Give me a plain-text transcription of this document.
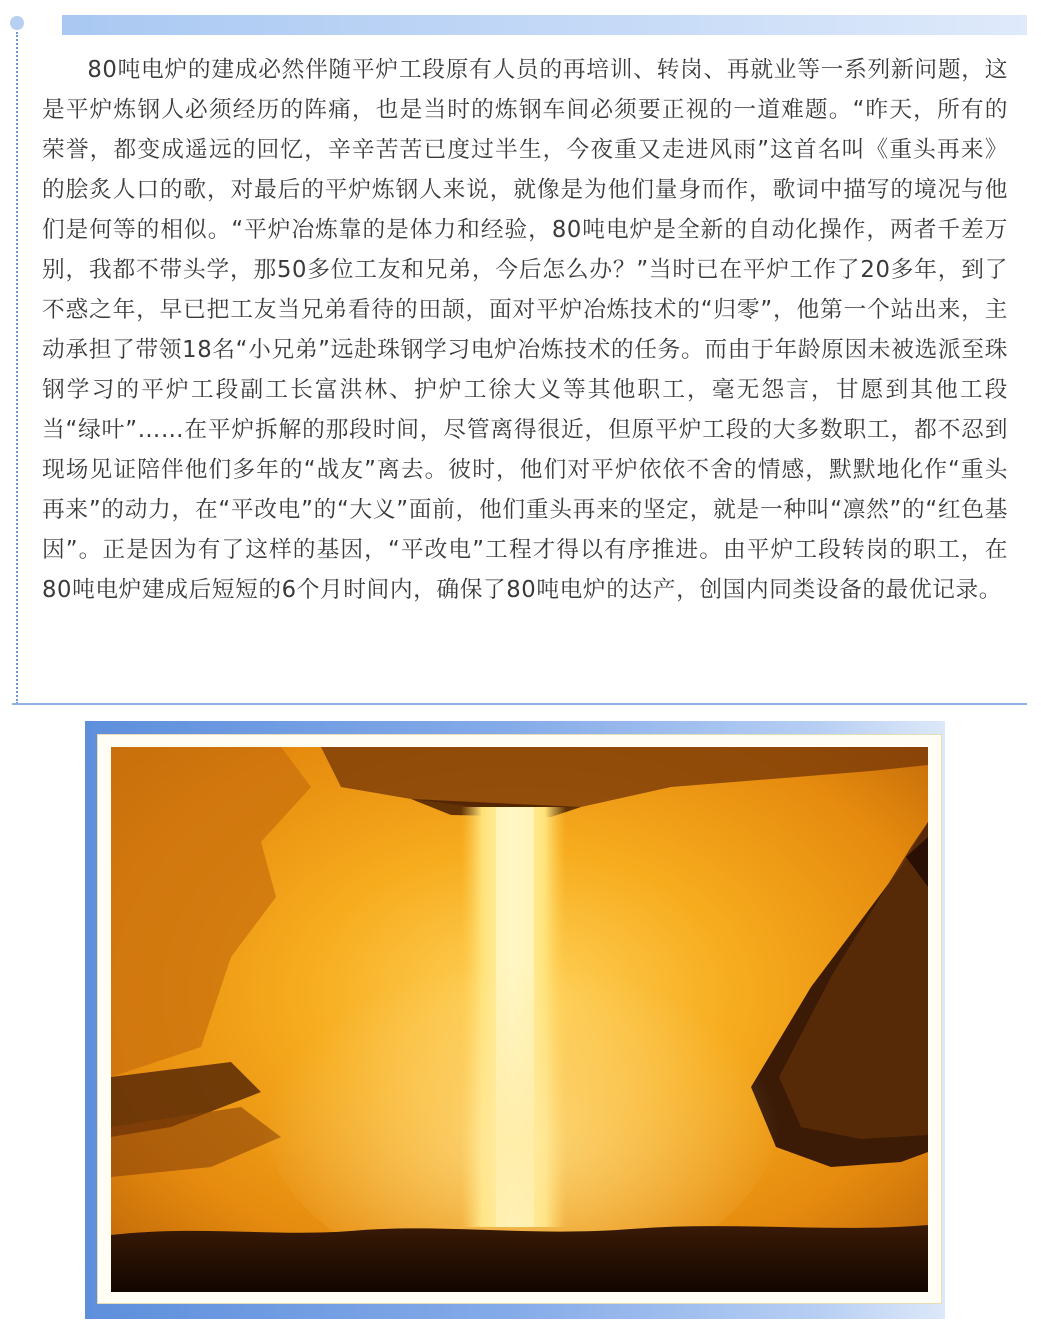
80吨电炉的建成必然伴随平炉工段原有人员的再培训、转岗、再就业等一系列新问题，这是平炉炼钢人必须经历的阵痛，也是当时的炼钢车间必须要正视的一道难题。“昨天，所有的荣誉，都变成遥远的回忆，辛辛苦苦已度过半生，今夜重又走进风雨”这首名叫《重头再来》的脍炙人口的歌，对最后的平炉炼钢人来说，就像是为他们量身而作，歌词中描写的境况与他们是何等的相似。“平炉冶炼靠的是体力和经验，80吨电炉是全新的自动化操作，两者千差万别，我都不带头学，那50多位工友和兄弟，今后怎么办？”当时已在平炉工作了20多年，到了不惑之年，早已把工友当兄弟看待的田颉，面对平炉冶炼技术的“归零”，他第一个站出来，主动承担了带领18名“小兄弟”远赴珠钢学习电炉冶炼技术的任务。而由于年龄原因未被选派至珠钢学习的平炉工段副工长富洪林、护炉工徐大义等其他职工，毫无怨言，甘愿到其他工段当“绿叶”……在平炉拆解的那段时间，尽管离得很近，但原平炉工段的大多数职工，都不忍到现场见证陪伴他们多年的“战友”离去。彼时，他们对平炉依依不舍的情感，默默地化作“重头再来”的动力，在“平改电”的“大义”面前，他们重头再来的坚定，就是一种叫“凛然”的“红色基因”。正是因为有了这样的基因，“平改电”工程才得以有序推进。由平炉工段转岗的职工，在80吨电炉建成后短短的6个月时间内，确保了80吨电炉的达产，创国内同类设备的最优记录。
